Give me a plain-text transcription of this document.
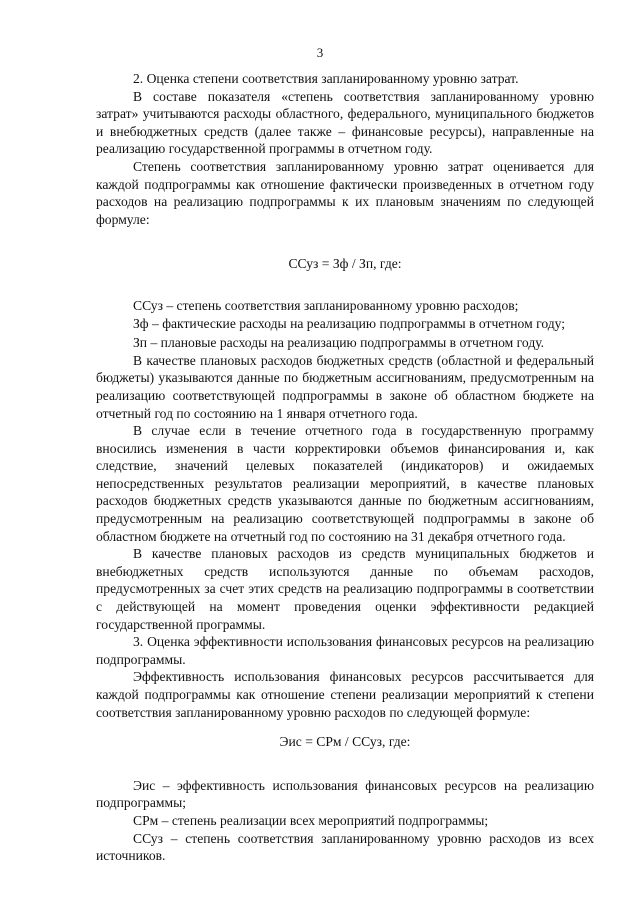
3

2. Оценка степени соответствия запланированному уровню затрат.

В составе показателя «степень соответствия запланированному уровню затрат» учитываются расходы областного, федерального, муниципального бюджетов и внебюджетных средств (далее также – финансовые ресурсы), направленные на реализацию государственной программы в отчетном году.

Степень соответствия запланированному уровню затрат оценивается для каждой подпрограммы как отношение фактически произведенных в отчетном году расходов на реализацию подпрограммы к их плановым значениям по следующей формуле:

ССуз = Зф / Зп, где:

ССуз – степень соответствия запланированному уровню расходов;

Зф – фактические расходы на реализацию подпрограммы в отчетном году;

Зп – плановые расходы на реализацию подпрограммы в отчетном году.

В качестве плановых расходов бюджетных средств (областной и федеральный бюджеты) указываются данные по бюджетным ассигнованиям, предусмотренным на реализацию соответствующей подпрограммы в законе об областном бюджете на отчетный год по состоянию на 1 января отчетного года.

В случае если в течение отчетного года в государственную программу вносились изменения в части корректировки объемов финансирования и, как следствие, значений целевых показателей (индикаторов) и ожидаемых непосредственных результатов реализации мероприятий, в качестве плановых расходов бюджетных средств указываются данные по бюджетным ассигнованиям, предусмотренным на реализацию соответствующей подпрограммы в законе об областном бюджете на отчетный год по состоянию на 31 декабря отчетного года.

В качестве плановых расходов из средств муниципальных бюджетов и внебюджетных средств используются данные по объемам расходов, предусмотренных за счет этих средств на реализацию подпрограммы в соответствии с действующей на момент проведения оценки эффективности редакцией государственной программы.

3. Оценка эффективности использования финансовых ресурсов на реализацию подпрограммы.

Эффективность использования финансовых ресурсов рассчитывается для каждой подпрограммы как отношение степени реализации мероприятий к степени соответствия запланированному уровню расходов по следующей формуле:

Эис = СРм / ССуз, где:

Эис – эффективность использования финансовых ресурсов на реализацию подпрограммы;

СРм – степень реализации всех мероприятий подпрограммы;

ССуз – степень соответствия запланированному уровню расходов из всех источников.
